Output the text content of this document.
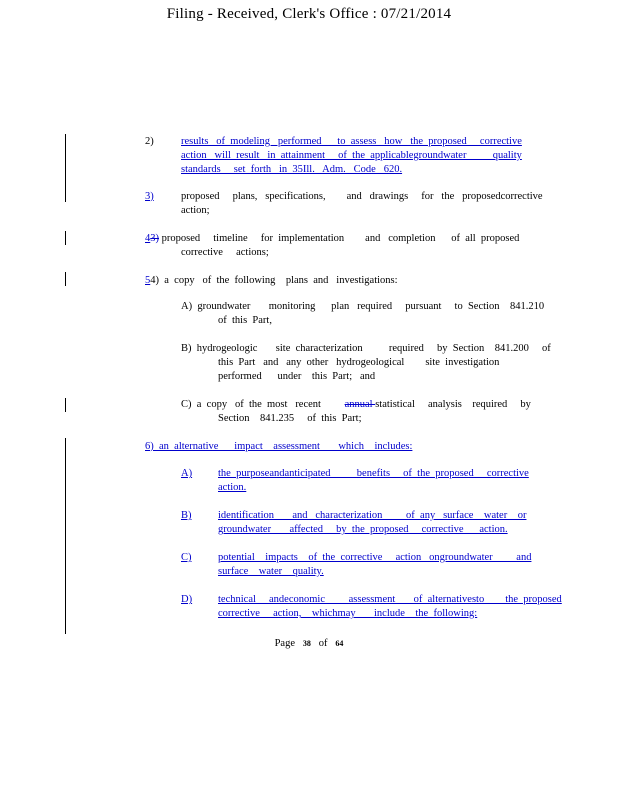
Filing - Received, Clerk's Office : 07/21/2014
2)	results   of  modeling   performed      to  assess   how   the  proposed     corrective
action   will  result   in  attainment     of  the  applicablegroundwater          quality
standards     set  forth   in  35Ill.   Adm.   Code   620.
3)	proposed     plans,   specifications,        and   drawings     for   the   proposedcorrective
action;
43) proposed     timeline     for  implementation        and   completion      of  all  proposed
corrective     actions;
54)  a  copy   of  the  following    plans  and   investigations:
A)  groundwater       monitoring      plan   required     pursuant     to  Section    841.210
of  this  Part,
B)  hydrogeologic       site  characterization          required     by  Section    841.200     of
this  Part   and   any  other   hydrogeological        site  investigation
performed      under    this  Part;   and
C)  a  copy   of  the  most   recent         annual statistical     analysis    required     by
Section    841.235     of  this  Part;
6)  an  alternative      impact    assessment       which    includes:
A) the  purposeandanticipated          benefits     of  the  proposed     corrective
action.
B)	identification       and   characterization         of  any   surface    water    or
groundwater       affected     by  the  proposed     corrective      action.
C)	potential    impacts    of  the  corrective     action   ongroundwater         and
surface    water    quality.
D) technical     andeconomic         assessment       of  alternativesto        the  proposed
corrective     action,    whichmay       include    the  following:
Page 38 of 64
